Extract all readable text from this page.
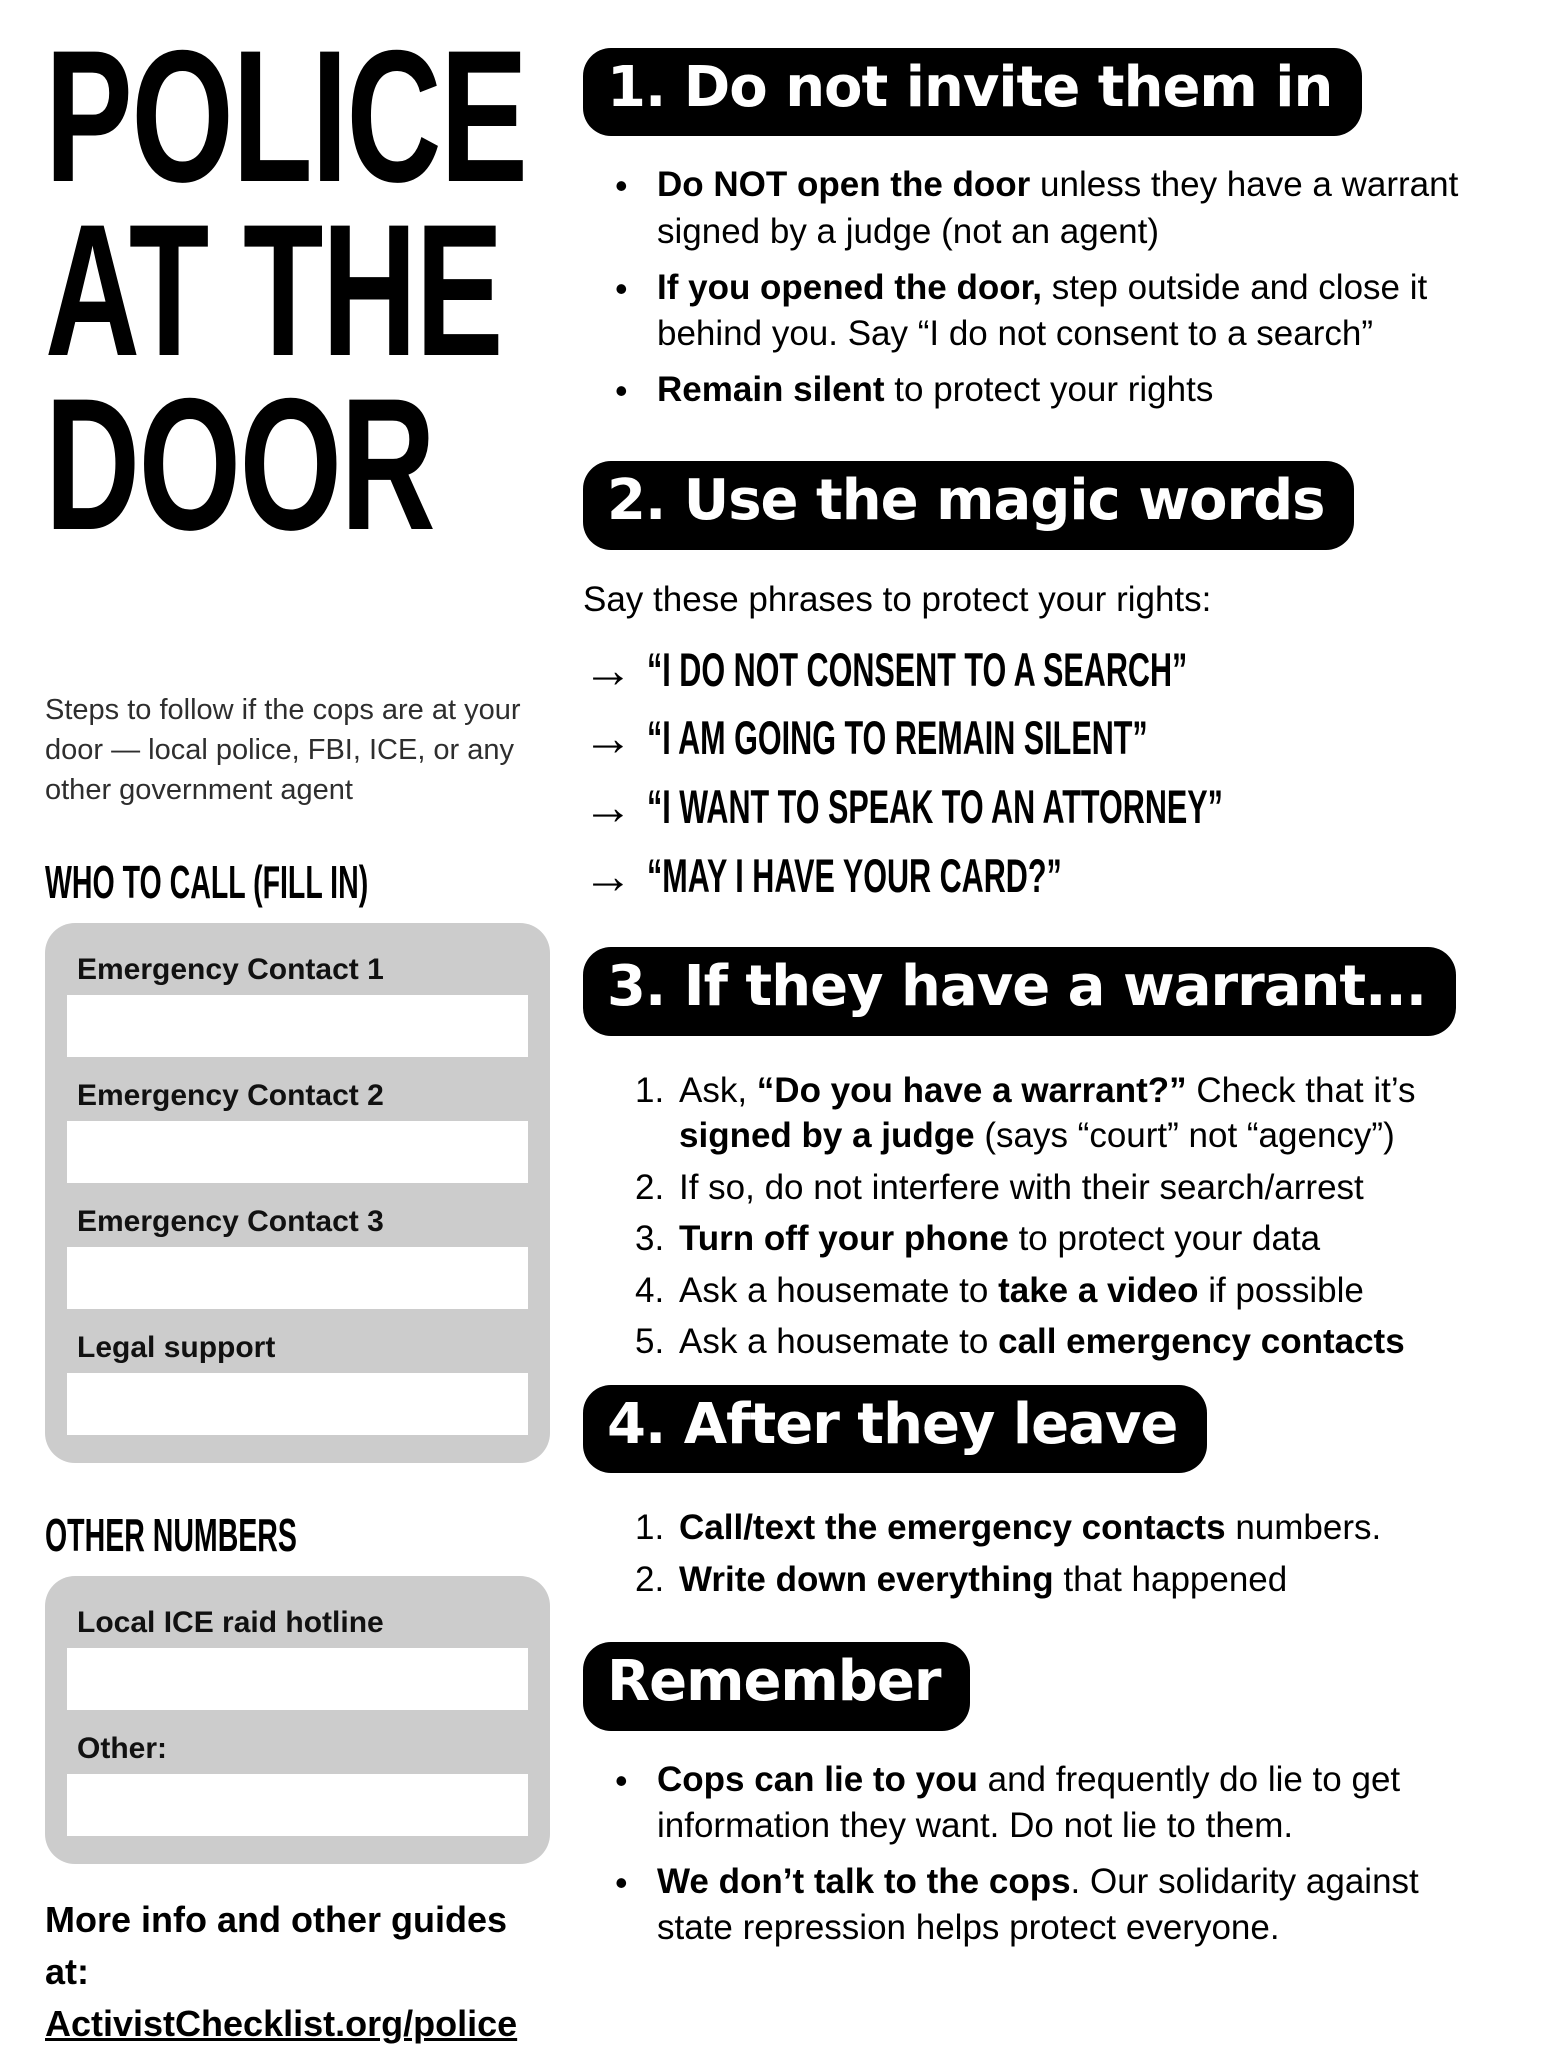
POLICE
AT THE
DOOR

Steps to follow if the cops are at your door — local police, FBI, ICE, or any other government agent

WHO TO CALL (FILL IN)
Emergency Contact 1
Emergency Contact 2
Emergency Contact 3
Legal support
OTHER NUMBERS
Local ICE raid hotline
Other:

More info and other guides at:
ActivistChecklist.org/police

1. Do not invite them in
• Do NOT open the door unless they have a warrant signed by a judge (not an agent)
• If you opened the door, step outside and close it behind you. Say “I do not consent to a search”
• Remain silent to protect your rights
2. Use the magic words

Say these phrases to protect your rights:

→ “I DO NOT CONSENT TO A SEARCH”
→ “I AM GOING TO REMAIN SILENT”
→ “I WANT TO SPEAK TO AN ATTORNEY”
→ “MAY I HAVE YOUR CARD?”
3. If they have a warrant...
Ask, “Do you have a warrant?” Check that it’s signed by a judge (says “court” not “agency”)
If so, do not interfere with their search/arrest
Turn off your phone to protect your data
Ask a housemate to take a video if possible
Ask a housemate to call emergency contacts
4. After they leave
Call/text the emergency contacts numbers.
Write down everything that happened
Remember
• Cops can lie to you and frequently do lie to get information they want. Do not lie to them.
• We don’t talk to the cops. Our solidarity against state repression helps protect everyone.
